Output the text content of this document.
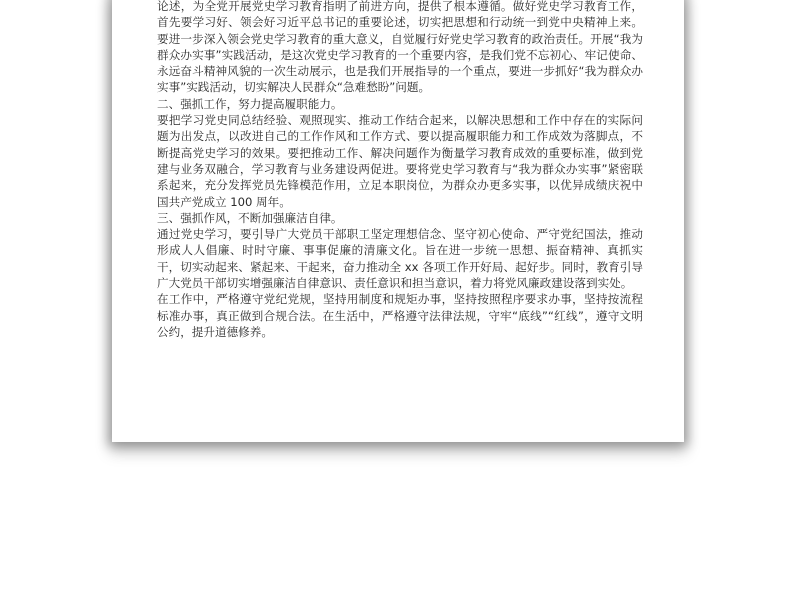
论述，为全党开展党史学习教育指明了前进方向，提供了根本遵循。做好党史学习教育工作，首先要学习好、领会好习近平总书记的重要论述，切实把思想和行动统一到党中央精神上来。要进一步深入领会党史学习教育的重大意义，自觉履行好党史学习教育的政治责任。开展“我为群众办实事”实践活动，是这次党史学习教育的一个重要内容，是我们党不忘初心、牢记使命、永远奋斗精神风貌的一次生动展示，也是我们开展指导的一个重点，要进一步抓好“我为群众办实事”实践活动，切实解决人民群众“急难愁盼”问题。

二、强抓工作，努力提高履职能力。

要把学习党史同总结经验、观照现实、推动工作结合起来，以解决思想和工作中存在的实际问题为出发点，以改进自己的工作作风和工作方式、要以提高履职能力和工作成效为落脚点，不断提高党史学习的效果。要把推动工作、解决问题作为衡量学习教育成效的重要标准，做到党建与业务双融合，学习教育与业务建设两促进。要将党史学习教育与“我为群众办实事”紧密联系起来，充分发挥党员先锋模范作用，立足本职岗位，为群众办更多实事，以优异成绩庆祝中国共产党成立 100 周年。

三、强抓作风，不断加强廉洁自律。

通过党史学习，要引导广大党员干部职工坚定理想信念、坚守初心使命、严守党纪国法，推动形成人人倡廉、时时守廉、事事促廉的清廉文化。旨在进一步统一思想、振奋精神、真抓实干，切实动起来、紧起来、干起来，奋力推动全 xx 各项工作开好局、起好步。同时，教育引导广大党员干部切实增强廉洁自律意识、责任意识和担当意识，着力将党风廉政建设落到实处。

在工作中，严格遵守党纪党规，坚持用制度和规矩办事，坚持按照程序要求办事，坚持按流程标准办事，真正做到合规合法。在生活中，严格遵守法律法规，守牢“底线”“红线”，遵守文明公约，提升道德修养。
